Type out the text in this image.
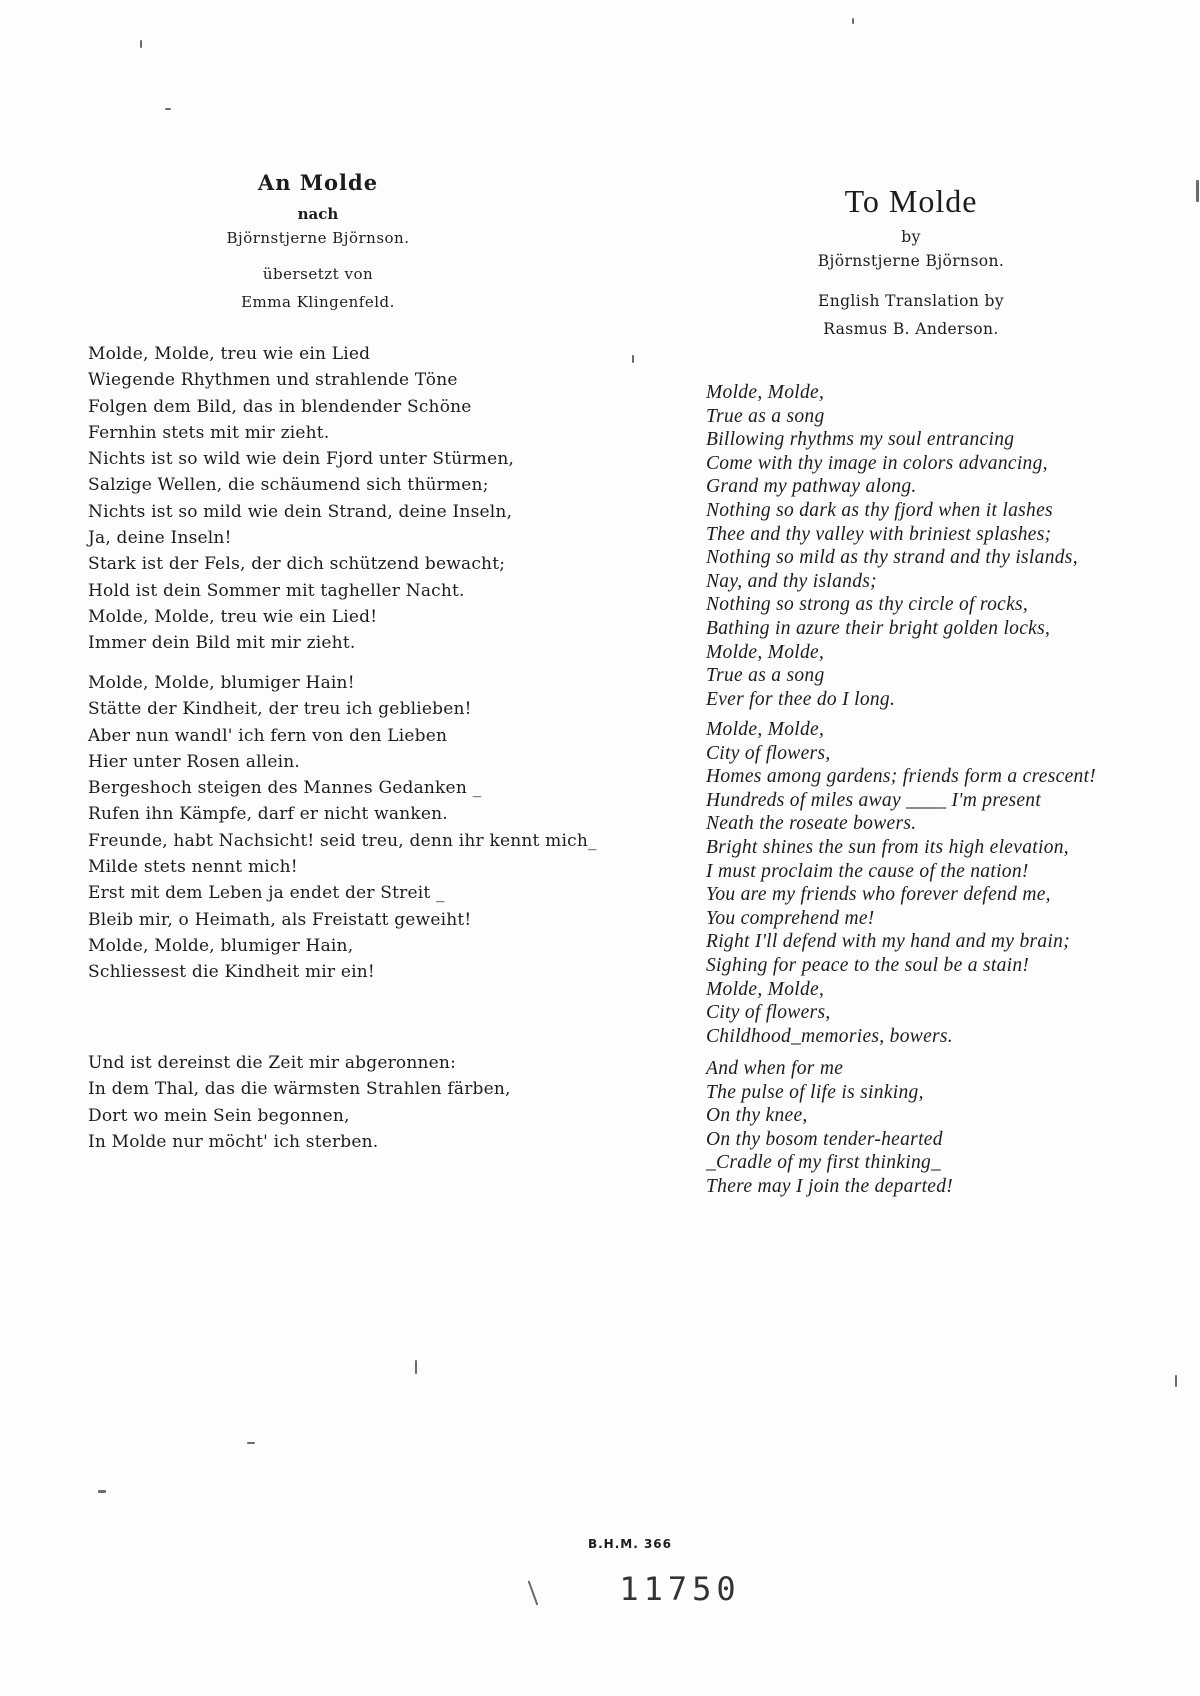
An Molde
nach
Björnstjerne Björnson.
übersetzt von
Emma Klingenfeld.
Molde, Molde, treu wie ein Lied
Wiegende Rhythmen und strahlende Töne
Folgen dem Bild, das in blendender Schöne
Fernhin stets mit mir zieht.
Nichts ist so wild wie dein Fjord unter Stürmen,
Salzige Wellen, die schäumend sich thürmen;
Nichts ist so mild wie dein Strand, deine Inseln,
Ja, deine Inseln!
Stark ist der Fels, der dich schützend bewacht;
Hold ist dein Sommer mit tagheller Nacht.
Molde, Molde, treu wie ein Lied!
Immer dein Bild mit mir zieht.
Molde, Molde, blumiger Hain!
Stätte der Kindheit, der treu ich geblieben!
Aber nun wandl' ich fern von den Lieben
Hier unter Rosen allein.
Bergeshoch steigen des Mannes Gedanken _
Rufen ihn Kämpfe, darf er nicht wanken.
Freunde, habt Nachsicht! seid treu, denn ihr kennt mich_
Milde stets nennt mich!
Erst mit dem Leben ja endet der Streit _
Bleib mir, o Heimath, als Freistatt geweiht!
Molde, Molde, blumiger Hain,
Schliessest die Kindheit mir ein!
Und ist dereinst die Zeit mir abgeronnen:
In dem Thal, das die wärmsten Strahlen färben,
Dort wo mein Sein begonnen,
In Molde nur möcht' ich sterben.
To Molde
by
Björnstjerne Björnson.
English Translation by
Rasmus B. Anderson.
Molde, Molde,
True as a song
Billowing rhythms my soul entrancing
Come with thy image in colors advancing,
Grand my pathway along.
Nothing so dark as thy fjord when it lashes
Thee and thy valley with briniest splashes;
Nothing so mild as thy strand and thy islands,
Nay, and thy islands;
Nothing so strong as thy circle of rocks,
Bathing in azure their bright golden locks,
Molde, Molde,
True as a song
Ever for thee do I long.
Molde, Molde,
City of flowers,
Homes among gardens; friends form a crescent!
Hundreds of miles away ____ I'm present
Neath the roseate bowers.
Bright shines the sun from its high elevation,
I must proclaim the cause of the nation!
You are my friends who forever defend me,
You comprehend me!
Right I'll defend with my hand and my brain;
Sighing for peace to the soul be a stain!
Molde, Molde,
City of flowers,
Childhood_memories, bowers.
And when for me
The pulse of life is sinking,
On thy knee,
On thy bosom tender-hearted
_Cradle of my first thinking_
There may I join the departed!
B.H.M. 366
11750
